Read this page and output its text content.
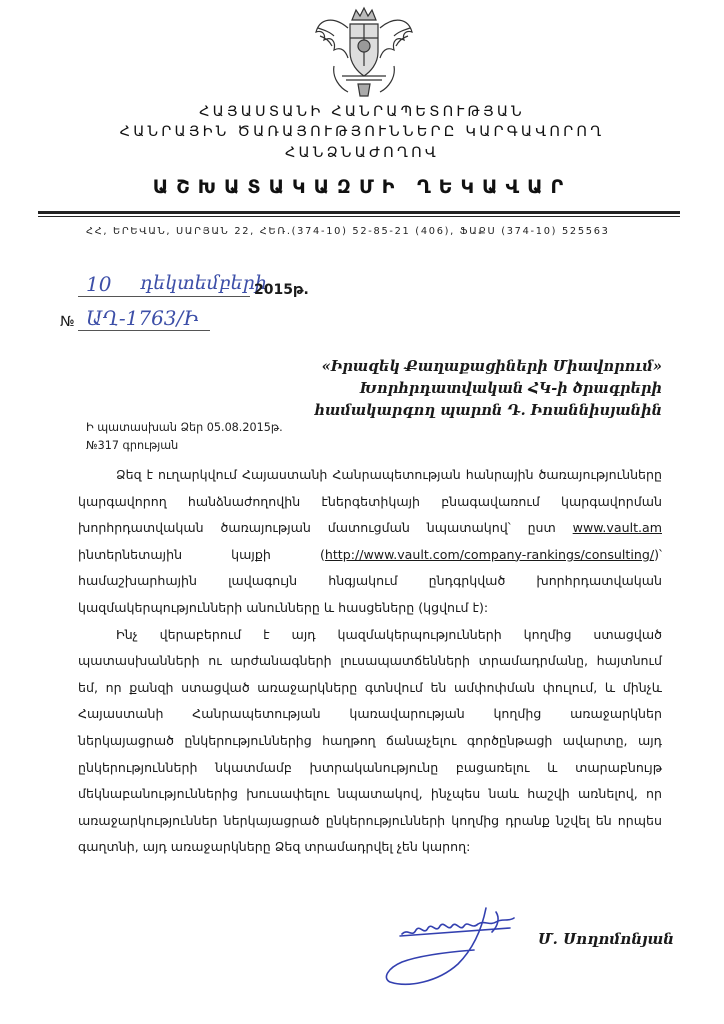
ՀԱՅԱՍՏԱՆԻ ՀԱՆՐԱՊԵՏՈՒԹՅԱՆ
ՀԱՆՐԱՅԻՆ ԾԱՌԱՅՈՒԹՅՈՒՆՆԵՐԸ ԿԱՐԳԱՎՈՐՈՂ
ՀԱՆՁՆԱԺՈՂՈՎ
ԱՇԽԱՏԱԿԱԶՄԻ ՂԵԿԱՎԱՐ
ՀՀ, ԵՐԵՎԱՆ, ՍԱՐՅԱՆ 22, ՀԵՌ.(374-10) 52-85-21 (406), ՖԱՔՍ (374-10) 525563
10 դեկտեմբերի
2015թ.
№ ԱՂ-1763/Ի
«Իրազեկ Քաղաքացիների Միավորում»
Խորհրդատվական ՀԿ-ի ծրագրերի
համակարգող պարոն Դ. Իոաննիսյանին
Ի պատասխան Ձեր 05.08.2015թ.
№317 գրության

Ձեզ է ուղարկվում Հայաստանի Հանրապետության հանրային ծառայությունները կարգավորող հանձնաժողովին էներգետիկայի բնագավառում կարգավորման խորհրդատվական ծառայության մատուցման նպատակով՝ ըստ www.vault.am ինտերնետային կայքի (http://www.vault.com/company-rankings/consulting/)՝ համաշխարհային լավագույն հնգյակում ընդգրկված խորհրդատվական կազմակերպությունների անունները և հասցեները (կցվում է):

Ինչ վերաբերում է այդ կազմակերպությունների կողմից ստացված պատասխանների ու արժանագների լուսապատճենների տրամադրմանը, հայտնում եմ, որ քանզի ստացված առաջարկները գտնվում են ամփոփման փուլում, և մինչև Հայաստանի Հանրապետության կառավարության կողմից առաջարկներ ներկայացրած ընկերություններից հաղթող ճանաչելու գործընթացի ավարտը, այդ ընկերությունների նկատմամբ խտրականությունը բացառելու և տարաբնույթ մեկնաբանություններից խուսափելու նպատակով, ինչպես նաև հաշվի առնելով, որ առաջարկություններ ներկայացրած ընկերությունների կողմից դրանք նշվել են որպես գաղտնի, այդ առաջարկները Ձեզ տրամադրվել չեն կարող:

Մ. Սողոմոնյան
